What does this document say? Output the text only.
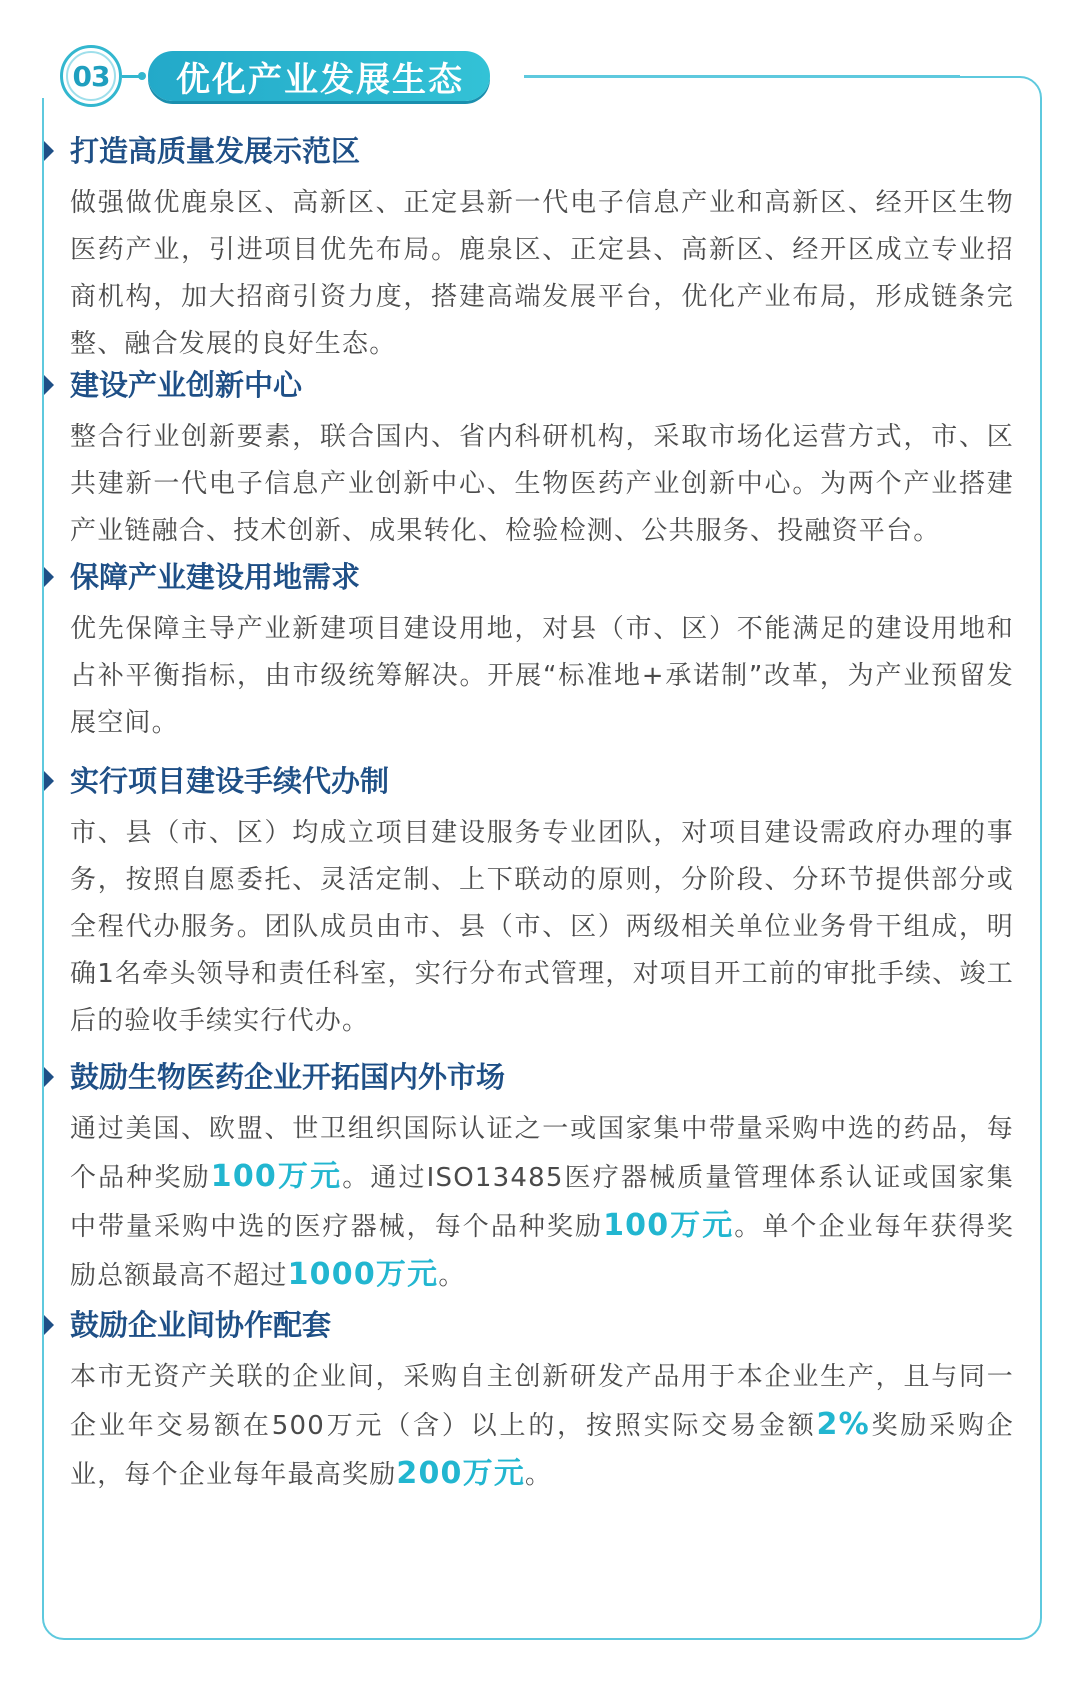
03	优化产业发展生态
打造高质量发展示范区

做强做优鹿泉区、高新区、正定县新一代电子信息产业和高新区、经开区生物医药产业，引进项目优先布局。鹿泉区、正定县、高新区、经开区成立专业招商机构，加大招商引资力度，搭建高端发展平台，优化产业布局，形成链条完整、融合发展的良好生态。

建设产业创新中心

整合行业创新要素，联合国内、省内科研机构，采取市场化运营方式，市、区共建新一代电子信息产业创新中心、生物医药产业创新中心。为两个产业搭建产业链融合、技术创新、成果转化、检验检测、公共服务、投融资平台。

保障产业建设用地需求

优先保障主导产业新建项目建设用地，对县（市、区）不能满足的建设用地和占补平衡指标，由市级统筹解决。开展“标准地+承诺制”改革，为产业预留发展空间。

实行项目建设手续代办制

市、县（市、区）均成立项目建设服务专业团队，对项目建设需政府办理的事务，按照自愿委托、灵活定制、上下联动的原则，分阶段、分环节提供部分或全程代办服务。团队成员由市、县（市、区）两级相关单位业务骨干组成，明确1名牵头领导和责任科室，实行分布式管理，对项目开工前的审批手续、竣工后的验收手续实行代办。

鼓励生物医药企业开拓国内外市场

通过美国、欧盟、世卫组织国际认证之一或国家集中带量采购中选的药品，每个品种奖励100万元。通过ISO13485医疗器械质量管理体系认证或国家集中带量采购中选的医疗器械，每个品种奖励100万元。单个企业每年获得奖励总额最高不超过1000万元。

鼓励企业间协作配套

本市无资产关联的企业间，采购自主创新研发产品用于本企业生产，且与同一企业年交易额在500万元（含）以上的，按照实际交易金额2%奖励采购企业，每个企业每年最高奖励200万元。
